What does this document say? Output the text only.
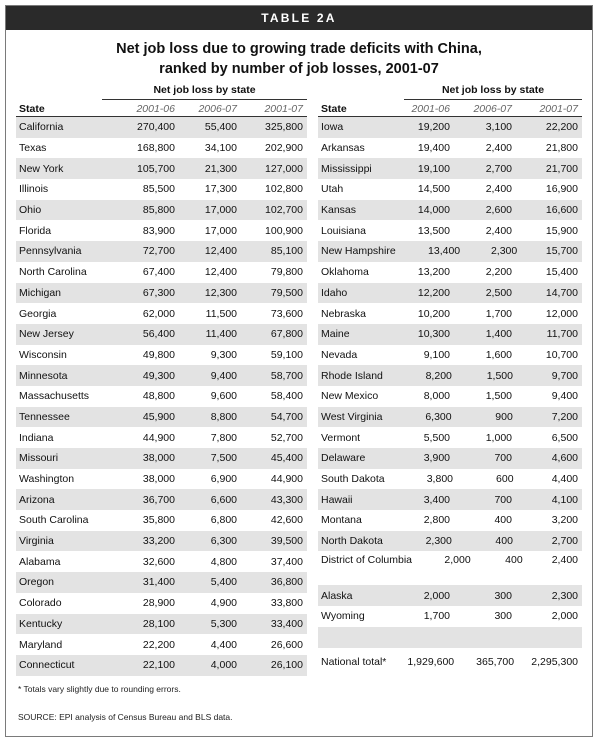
TABLE 2A
Net job loss due to growing trade deficits with China,
ranked by number of job losses, 2001-07
Net job loss by state
State	2001-06	2006-07	2001-07
California	270,400	55,400	325,800
Texas	168,800	34,100	202,900
New York	105,700	21,300	127,000
Illinois	85,500	17,300	102,800
Ohio	85,800	17,000	102,700
Florida	83,900	17,000	100,900
Pennsylvania	72,700	12,400	85,100
North Carolina	67,400	12,400	79,800
Michigan	67,300	12,300	79,500
Georgia	62,000	11,500	73,600
New Jersey	56,400	11,400	67,800
Wisconsin	49,800	9,300	59,100
Minnesota	49,300	9,400	58,700
Massachusetts	48,800	9,600	58,400
Tennessee	45,900	8,800	54,700
Indiana	44,900	7,800	52,700
Missouri	38,000	7,500	45,400
Washington	38,000	6,900	44,900
Arizona	36,700	6,600	43,300
South Carolina	35,800	6,800	42,600
Virginia	33,200	6,300	39,500
Alabama	32,600	4,800	37,400
Oregon	31,400	5,400	36,800
Colorado	28,900	4,900	33,800
Kentucky	28,100	5,300	33,400
Maryland	22,200	4,400	26,600
Connecticut	22,100	4,000	26,100
Net job loss by state
State	2001-06	2006-07	2001-07
Iowa	19,200	3,100	22,200
Arkansas	19,400	2,400	21,800
Mississippi	19,100	2,700	21,700
Utah	14,500	2,400	16,900
Kansas	14,000	2,600	16,600
Louisiana	13,500	2,400	15,900
New Hampshire	13,400	2,300	15,700
Oklahoma	13,200	2,200	15,400
Idaho	12,200	2,500	14,700
Nebraska	10,200	1,700	12,000
Maine	10,300	1,400	11,700
Nevada	9,100	1,600	10,700
Rhode Island	8,200	1,500	9,700
New Mexico	8,000	1,500	9,400
West Virginia	6,300	900	7,200
Vermont	5,500	1,000	6,500
Delaware	3,900	700	4,600
South Dakota	3,800	600	4,400
Hawaii	3,400	700	4,100
Montana	2,800	400	3,200
North Dakota	2,300	400	2,700
District of Columbia	2,000	400	2,400
Alaska	2,000	300	2,300
Wyoming	1,700	300	2,000
National total*	1,929,600	365,700	2,295,300
* Totals vary slightly due to rounding errors.
SOURCE: EPI analysis of Census Bureau and BLS data.
